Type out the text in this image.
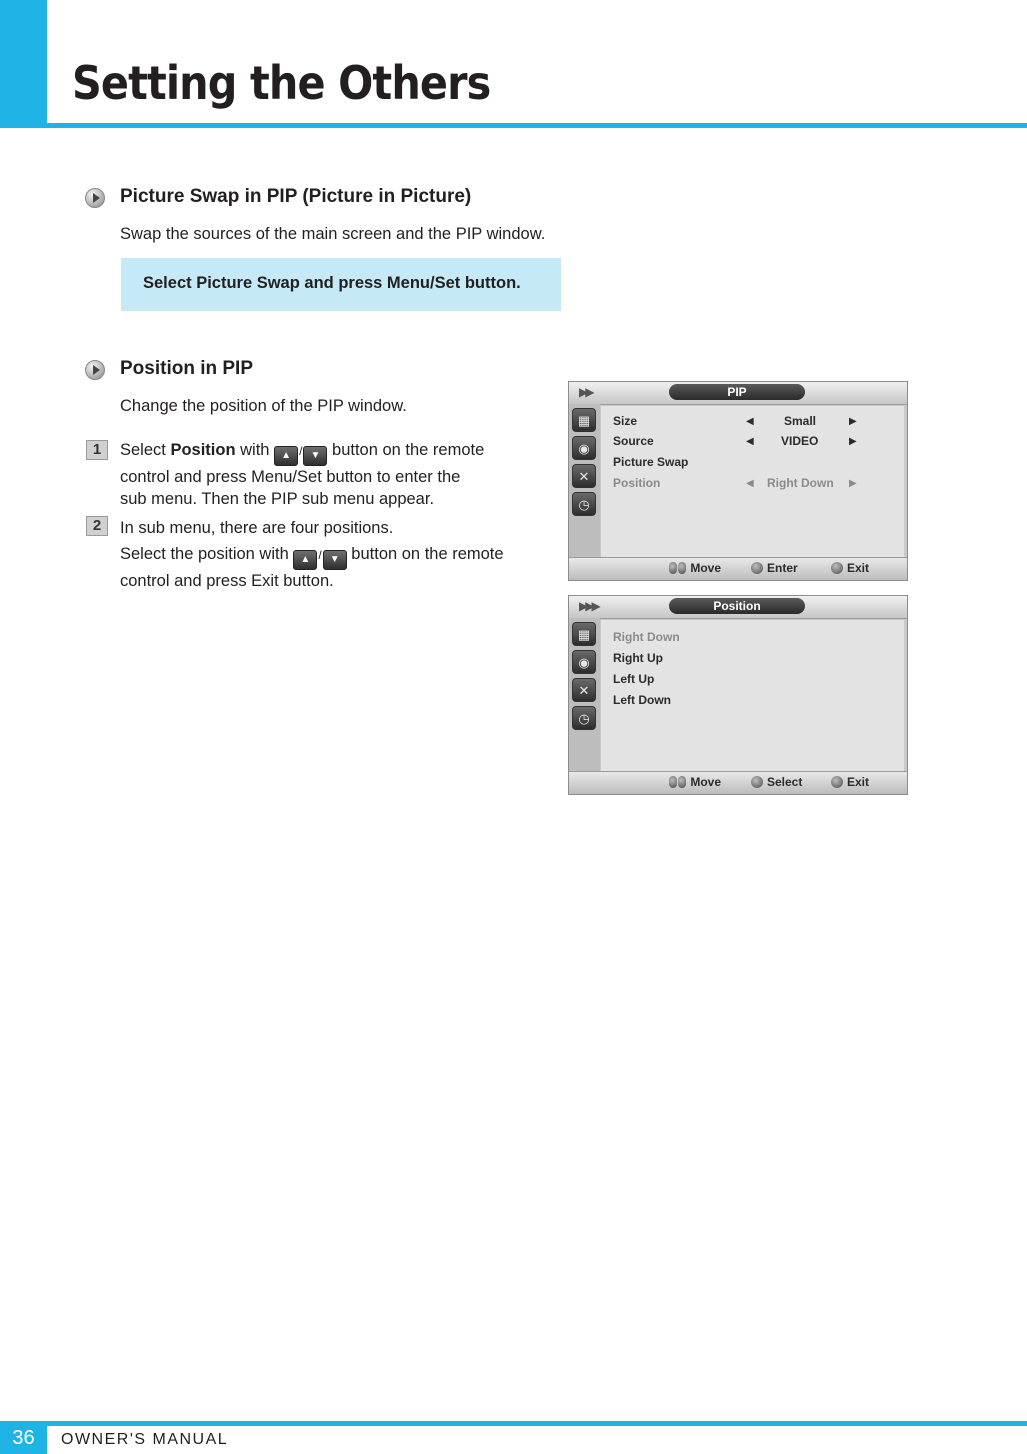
Setting the Others
Picture Swap in PIP (Picture in Picture)

Swap the sources of the main screen and the PIP window.

Select Picture Swap and press Menu/Set button.
Position in PIP

Change the position of the PIP window.

1	Select Position with ▲ / ▼ button on the remote
control and press Menu/Set button to enter the
sub menu. Then the PIP sub menu appear.
2	In sub menu, there are four positions.
Select the position with ▲ / ▼ button on the remote
control and press Exit button.
▶▶	PIP
▦
◉
✕
◷
Size	◀	Small	▶
Source	◀ VIDEO	▶
Picture Swap
Position	◀ Right Down ▶
Move	Enter	Exit
▶▶▶	Position
▦
◉
✕
◷
Right Down
Right Up
Left Up
Left Down
Move	Select	Exit
36	OWNER'S MANUAL
